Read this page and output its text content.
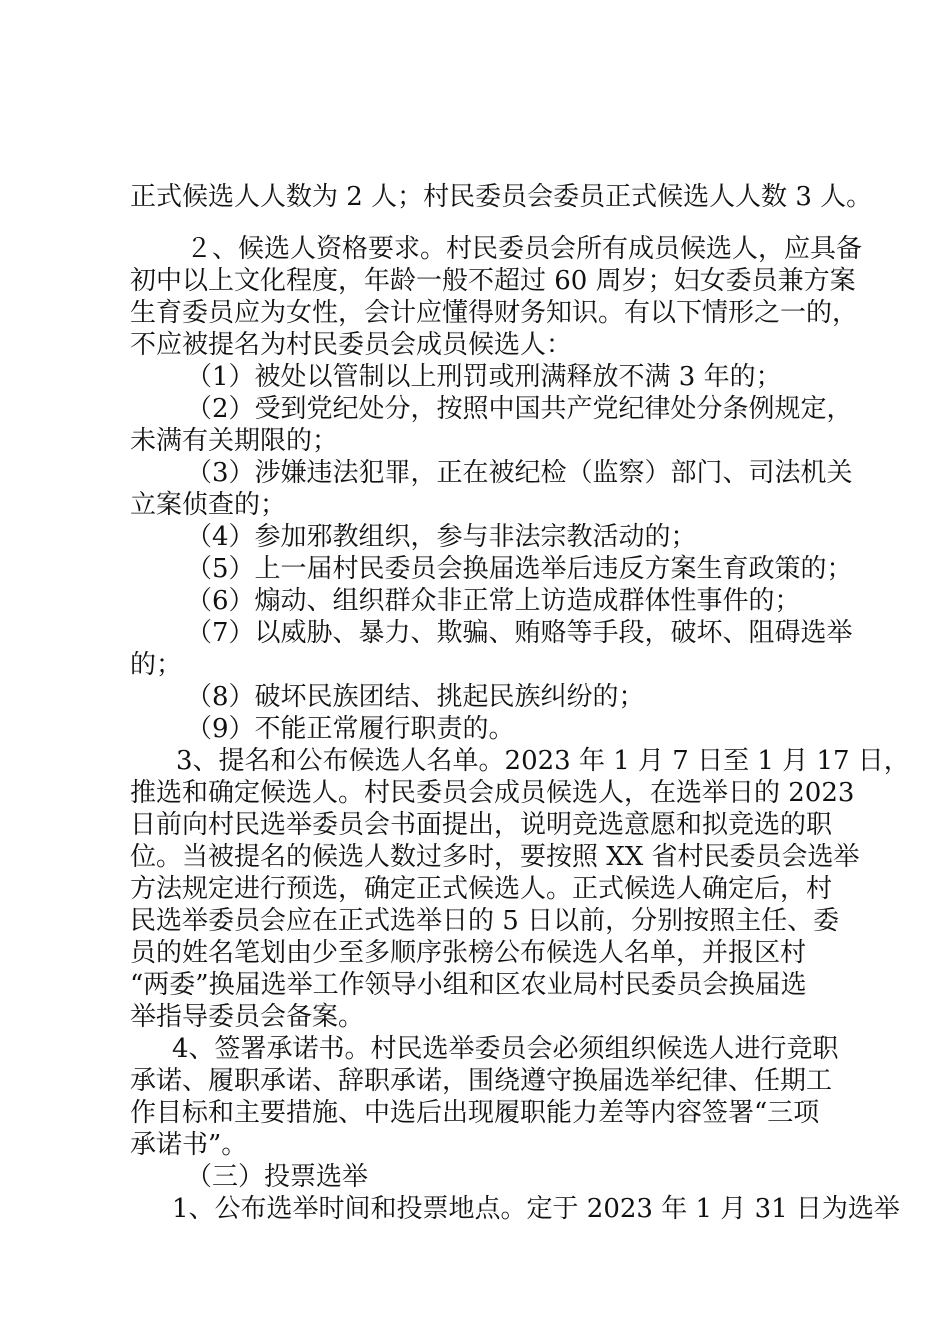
正式候选人人数为 2 人；村民委员会委员正式候选人人数 3 人。
２、候选人资格要求。村民委员会所有成员候选人，应具备
初中以上文化程度，年龄一般不超过 60 周岁；妇女委员兼方案
生育委员应为女性，会计应懂得财务知识。有以下情形之一的，
不应被提名为村民委员会成员候选人：
（1）被处以管制以上刑罚或刑满释放不满 3 年的；
（2）受到党纪处分，按照中国共产党纪律处分条例规定，
未满有关期限的；
（3）涉嫌违法犯罪，正在被纪检（监察）部门、司法机关
立案侦查的；
（4）参加邪教组织，参与非法宗教活动的；
（5）上一届村民委员会换届选举后违反方案生育政策的；
（6）煽动、组织群众非正常上访造成群体性事件的；
（7）以威胁、暴力、欺骗、贿赂等手段，破坏、阻碍选举
的；
（8）破坏民族团结、挑起民族纠纷的；
（9）不能正常履行职责的。
3、提名和公布候选人名单。2023 年 1 月 7 日至 1 月 17 日，
推选和确定候选人。村民委员会成员候选人，在选举日的 2023
日前向村民选举委员会书面提出，说明竞选意愿和拟竞选的职
位。当被提名的候选人数过多时，要按照 XX 省村民委员会选举
方法规定进行预选，确定正式候选人。正式候选人确定后，村
民选举委员会应在正式选举日的 5 日以前，分别按照主任、委
员的姓名笔划由少至多顺序张榜公布候选人名单，并报区村
“两委”换届选举工作领导小组和区农业局村民委员会换届选
举指导委员会备案。
4、签署承诺书。村民选举委员会必须组织候选人进行竞职
承诺、履职承诺、辞职承诺，围绕遵守换届选举纪律、任期工
作目标和主要措施、中选后出现履职能力差等内容签署“三项
承诺书”。
（三）投票选举
1、公布选举时间和投票地点。定于 2023 年 1 月 31 日为选举
